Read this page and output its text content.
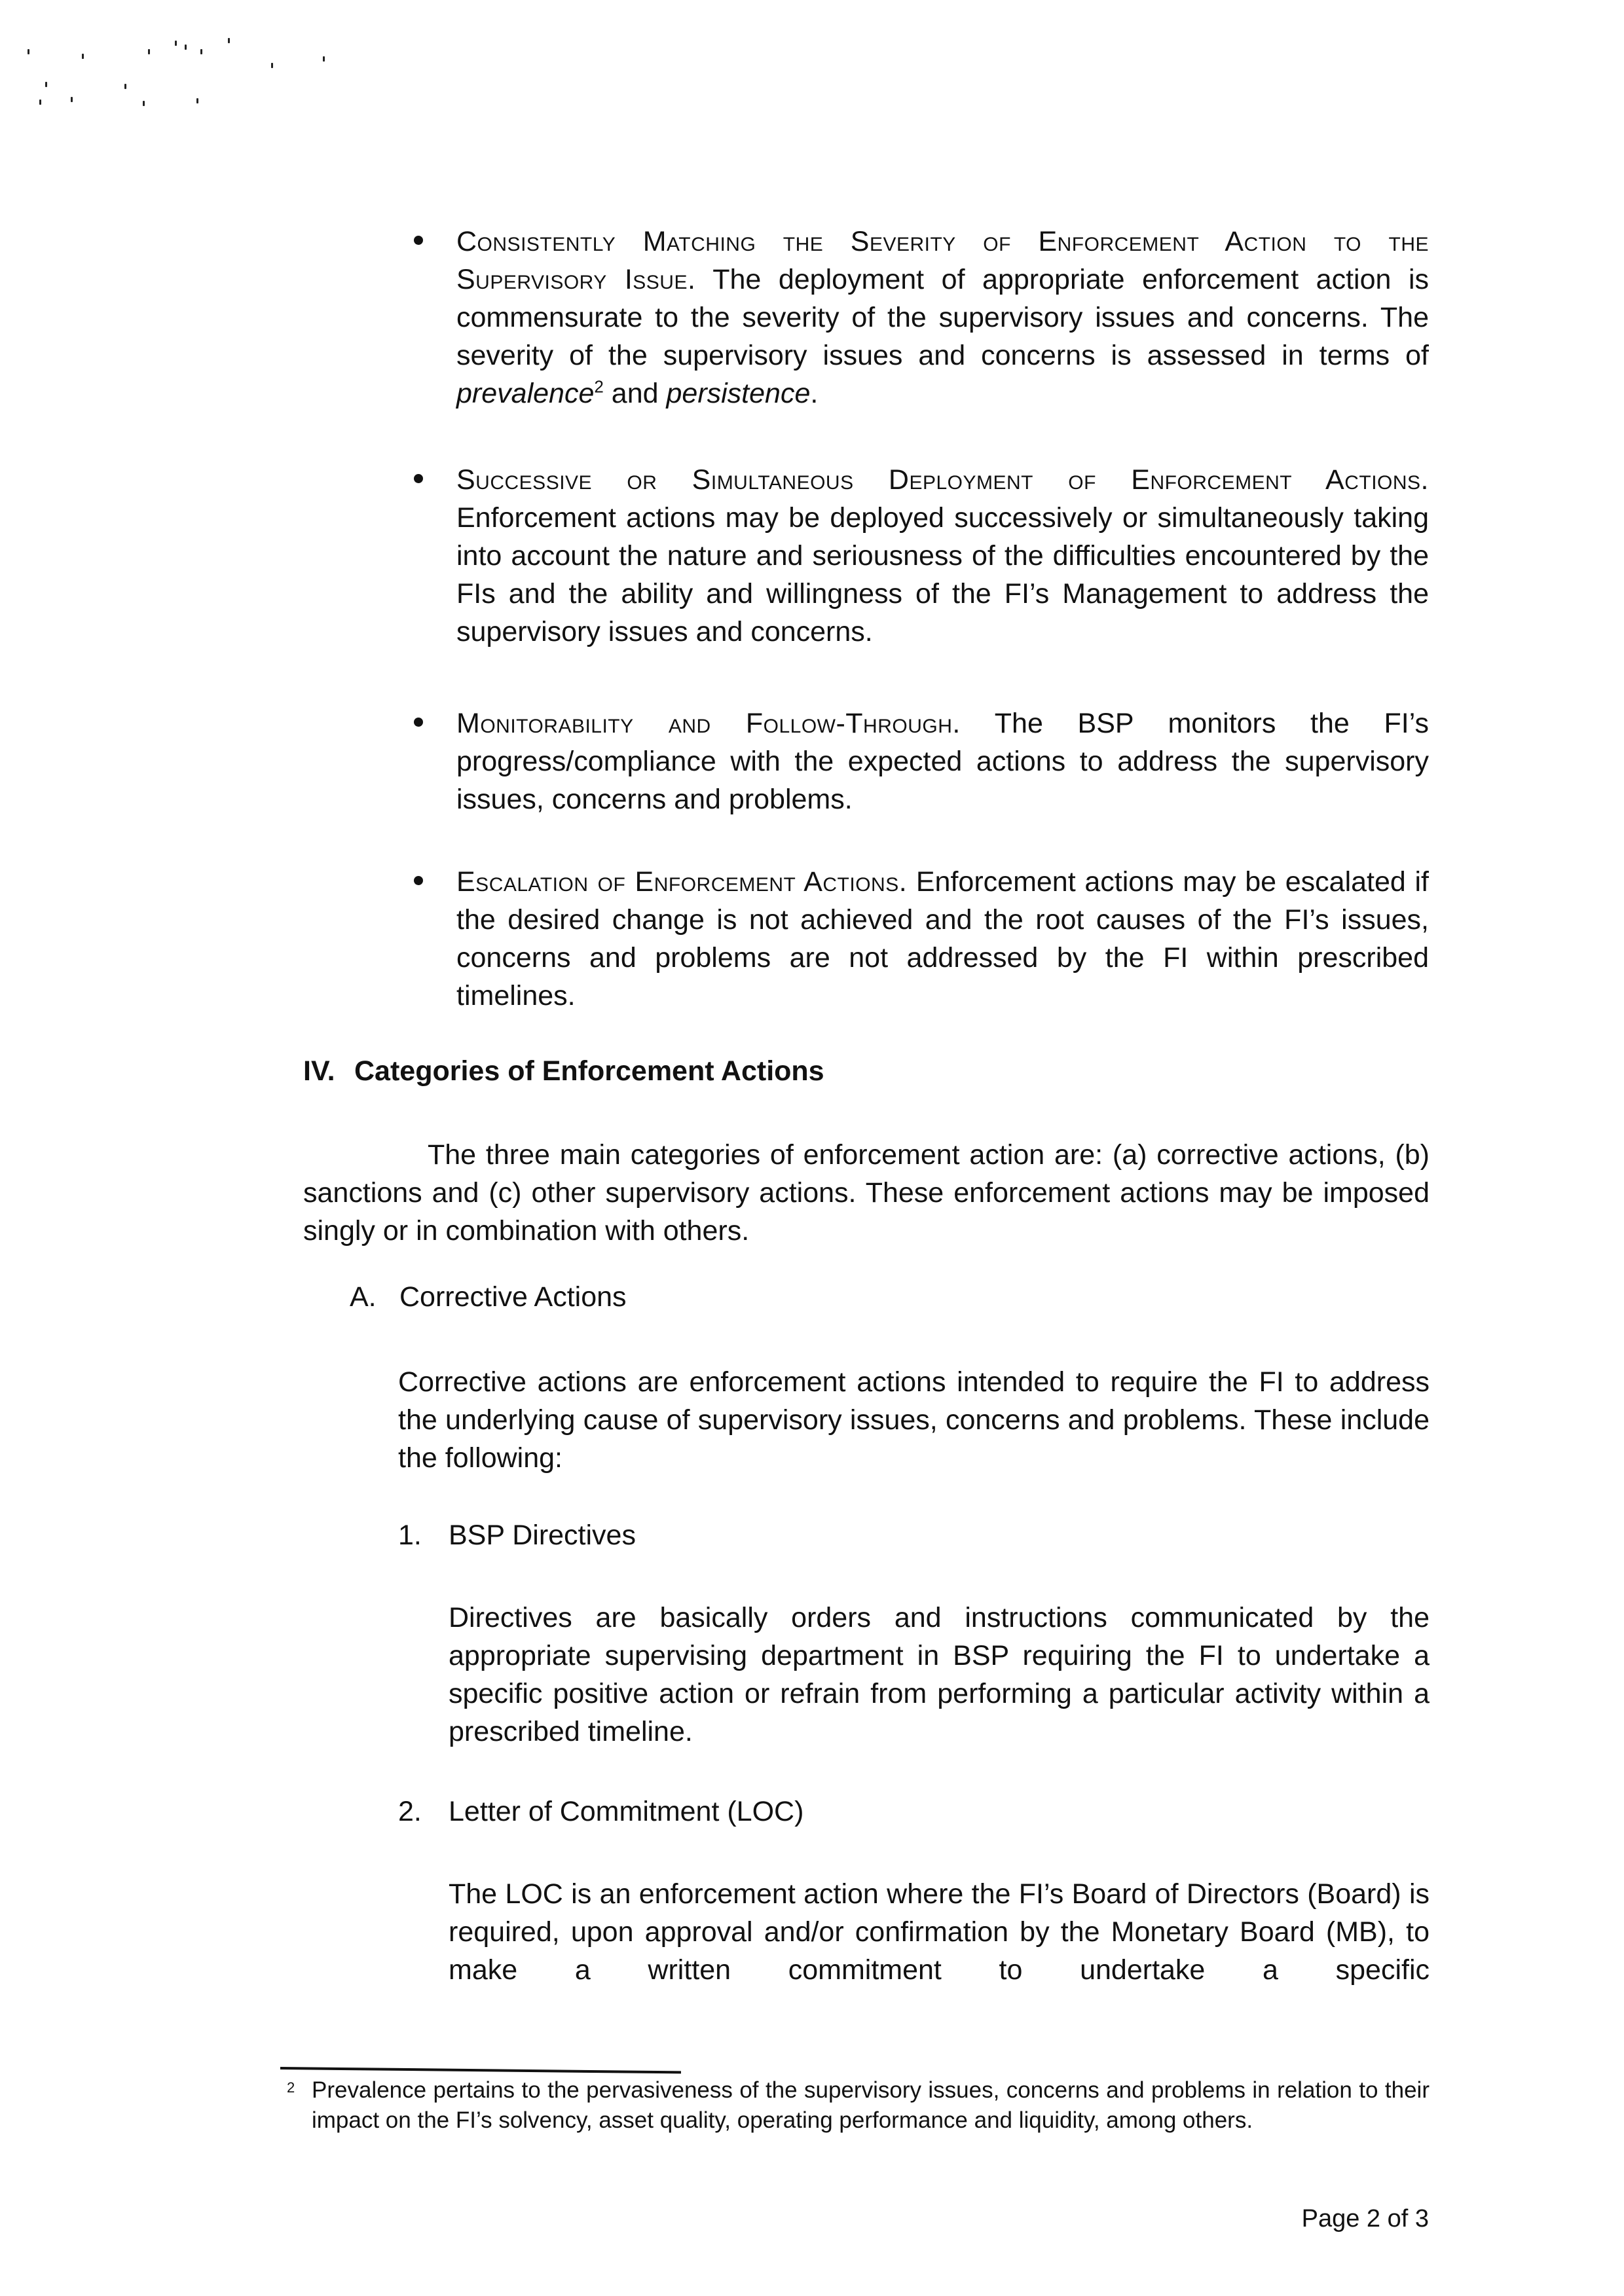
Consistently Matching the Severity of Enforcement Action to the Supervisory Issue. The deployment of appropriate enforcement action is commensurate to the severity of the supervisory issues and concerns. The severity of the supervisory issues and concerns is assessed in terms of prevalence$^2$ and persistence.
Successive or Simultaneous Deployment of Enforcement Actions. Enforcement actions may be deployed successively or simultaneously taking into account the nature and seriousness of the difficulties encountered by the FIs and the ability and willingness of the FI’s Management to address the supervisory issues and concerns.
Monitorability and Follow-Through. The BSP monitors the FI’s progress/compliance with the expected actions to address the supervisory issues, concerns and problems.
Escalation of Enforcement Actions. Enforcement actions may be escalated if the desired change is not achieved and the root causes of the FI’s issues, concerns and problems are not addressed by the FI within prescribed timelines.
IV. Categories of Enforcement Actions
The three main categories of enforcement action are: (a) corrective actions, (b) sanctions and (c) other supervisory actions. These enforcement actions may be imposed singly or in combination with others.
A. Corrective Actions
Corrective actions are enforcement actions intended to require the FI to address the underlying cause of supervisory issues, concerns and problems. These include the following:
1. BSP Directives
Directives are basically orders and instructions communicated by the appropriate supervising department in BSP requiring the FI to undertake a specific positive action or refrain from performing a particular activity within a prescribed timeline.
2. Letter of Commitment (LOC)
The LOC is an enforcement action where the FI’s Board of Directors (Board) is required, upon approval and/or confirmation by the Monetary Board (MB), to make a written commitment to undertake a specific
2 Prevalence pertains to the pervasiveness of the supervisory issues, concerns and problems in relation to their impact on the FI’s solvency, asset quality, operating performance and liquidity, among others.
Page 2 of 3
